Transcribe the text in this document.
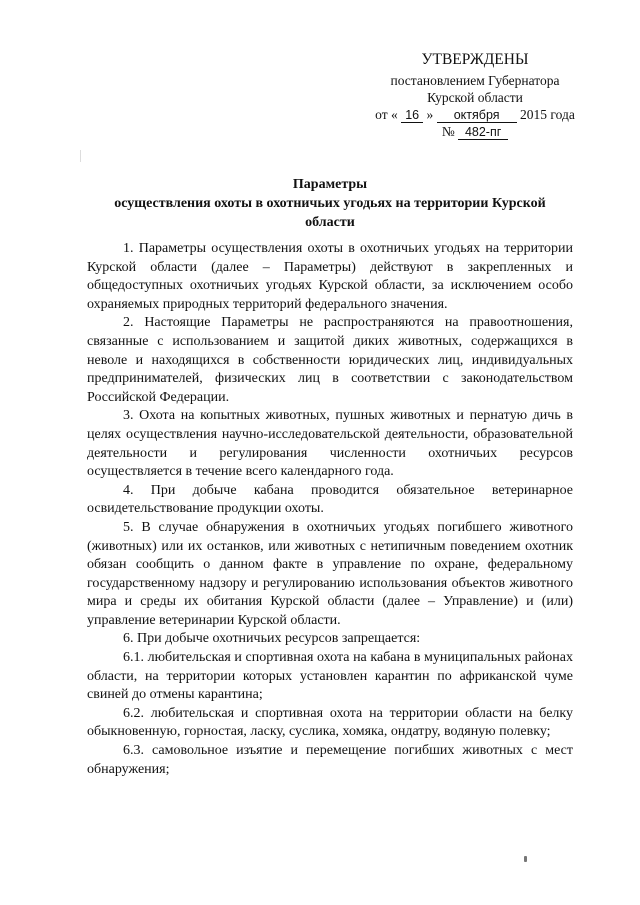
УТВЕРЖДЕНЫ
постановлением Губернатора
Курской области
от « 16 » октября 2015 года
№ 482-пг
Параметры
осуществления охоты в охотничьих угодьях на территории Курской
области

1. Параметры осуществления охоты в охотничьих угодьях на территории Курской области (далее – Параметры) действуют в закрепленных и общедоступных охотничьих угодьях Курской области, за исключением особо охраняемых природных территорий федерального значения.

2. Настоящие Параметры не распространяются на правоотношения, связанные с использованием и защитой диких животных, содержащихся в неволе и находящихся в собственности юридических лиц, индивидуальных предпринимателей, физических лиц в соответствии с законодательством Российской Федерации.

3. Охота на копытных животных, пушных животных и пернатую дичь в целях осуществления научно-исследовательской деятельности, образовательной деятельности и регулирования численности охотничьих ресурсов осуществляется в течение всего календарного года.

4. При добыче кабана проводится обязательное ветеринарное освидетельствование продукции охоты.

5. В случае обнаружения в охотничьих угодьях погибшего животного (животных) или их останков, или животных с нетипичным поведением охотник обязан сообщить о данном факте в управление по охране, федеральному государственному надзору и регулированию использования объектов животного мира и среды их обитания Курской области (далее – Управление) и (или) управление ветеринарии Курской области.

6. При добыче охотничьих ресурсов запрещается:

6.1. любительская и спортивная охота на кабана в муниципальных районах области, на территории которых установлен карантин по африканской чуме свиней до отмены карантина;

6.2. любительская и спортивная охота на территории области на белку обыкновенную, горностая, ласку, суслика, хомяка, ондатру, водяную полевку;

6.3. самовольное изъятие и перемещение погибших животных с мест обнаружения;
